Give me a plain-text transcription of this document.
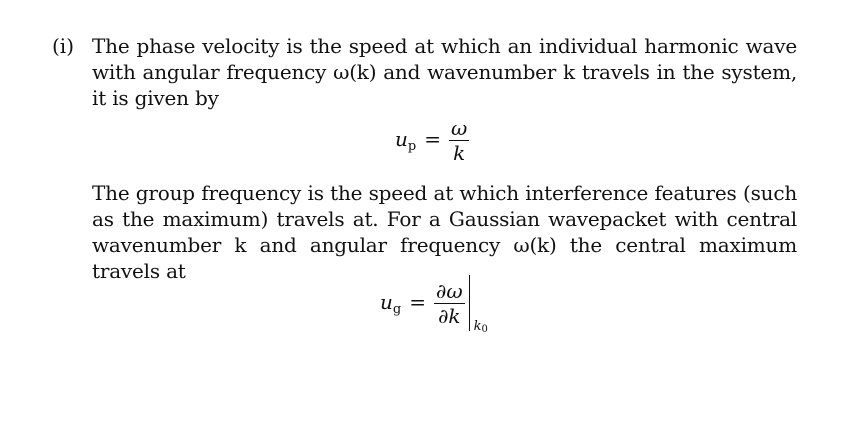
(i) The phase velocity is the speed at which an individual harmonic wave with angular frequency ω(k) and wavenumber k travels in the system, it is given by
$u_p = \frac{\omega}{k}$
The group frequency is the speed at which interference features (such as the maximum) travels at. For a Gaussian wavepacket with central wavenumber k and angular frequency ω(k) the central maximum travels at
$u_g = \frac{\partial\omega}{\partial k} k0$
